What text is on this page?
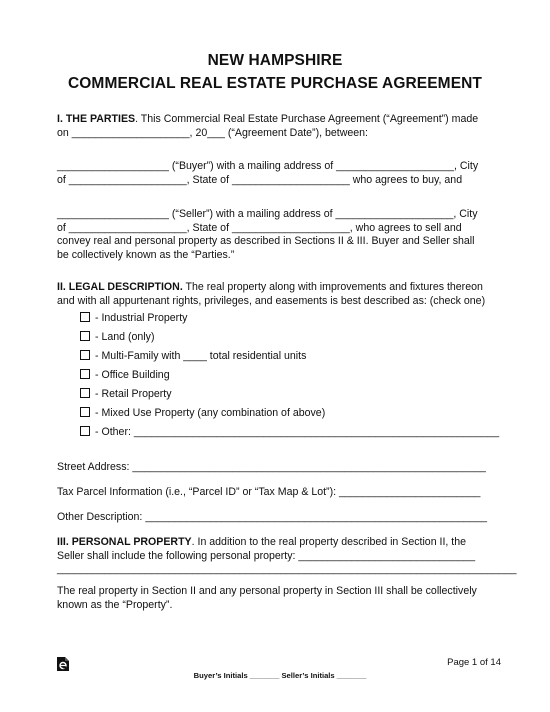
NEW HAMPSHIRE
COMMERCIAL REAL ESTATE PURCHASE AGREEMENT
I. THE PARTIES. This Commercial Real Estate Purchase Agreement (“Agreement”) made
on ____________________, 20___ (“Agreement Date”), between:
___________________ (“Buyer”) with a mailing address of ____________________, City
of ____________________, State of ____________________ who agrees to buy, and
___________________ (“Seller”) with a mailing address of ____________________, City
of ____________________, State of ____________________, who agrees to sell and
convey real and personal property as described in Sections II & III. Buyer and Seller shall
be collectively known as the “Parties.”
II. LEGAL DESCRIPTION. The real property along with improvements and fixtures thereon
and with all appurtenant rights, privileges, and easements is best described as: (check one)
- Industrial Property
- Land (only)
- Multi-Family with ____ total residential units
- Office Building
- Retail Property
- Mixed Use Property (any combination of above)
- Other: ______________________________________________________________
Street Address: ____________________________________________________________
Tax Parcel Information (i.e., “Parcel ID” or “Tax Map & Lot”): ________________________
Other Description: __________________________________________________________
III. PERSONAL PROPERTY. In addition to the real property described in Section II, the
Seller shall include the following personal property: ______________________________
______________________________________________________________________________
The real property in Section II and any personal property in Section III shall be collectively
known as the “Property”.
Page 1 of 14
Buyer’s Initials _______ Seller’s Initials _______
